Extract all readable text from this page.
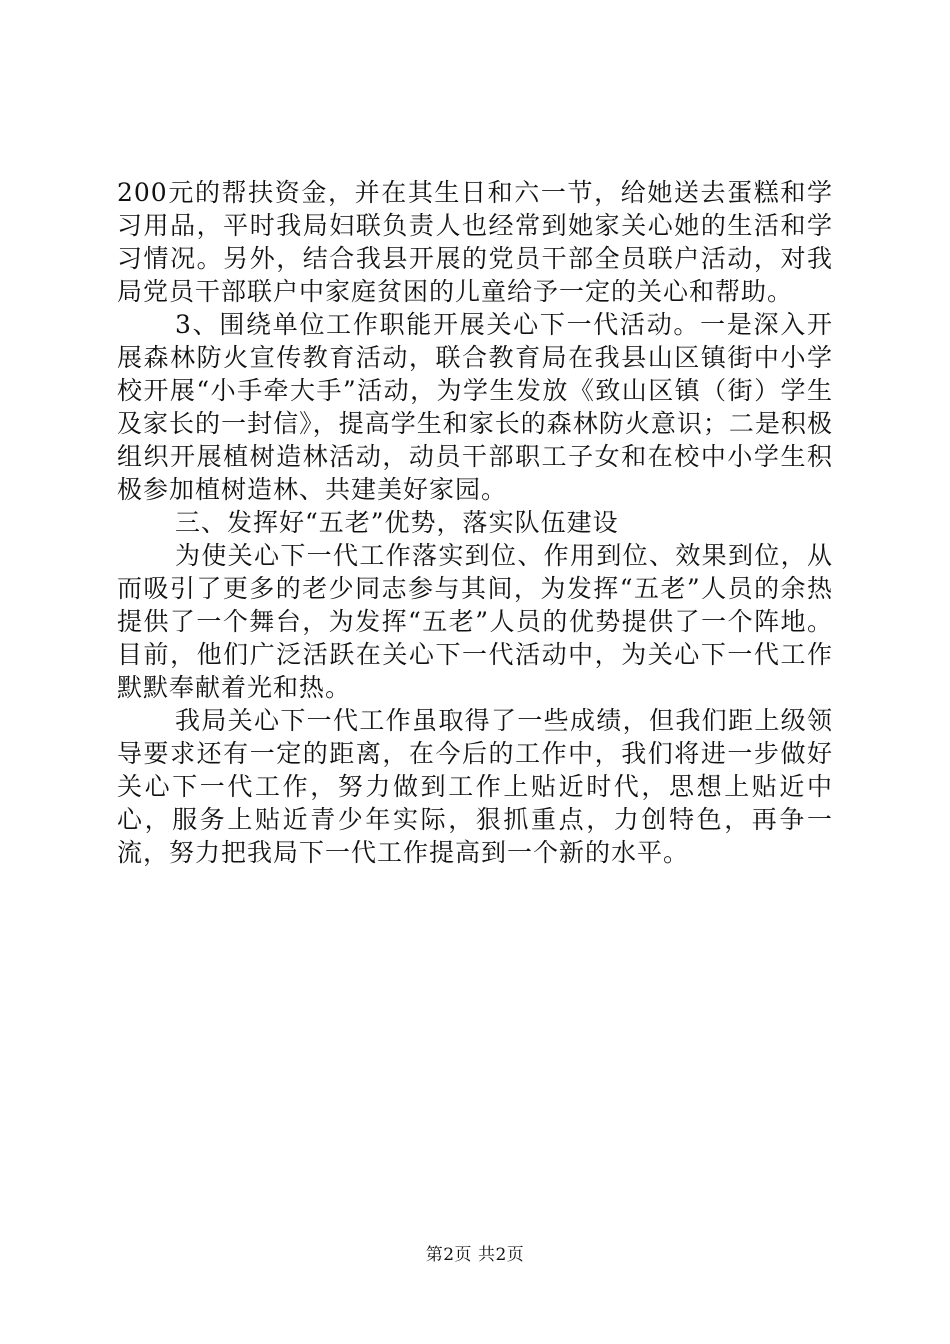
200元的帮扶资金，并在其生日和六一节，给她送去蛋糕和学习用品，平时我局妇联负责人也经常到她家关心她的生活和学习情况。另外，结合我县开展的党员干部全员联户活动，对我局党员干部联户中家庭贫困的儿童给予一定的关心和帮助。

3、围绕单位工作职能开展关心下一代活动。一是深入开展森林防火宣传教育活动，联合教育局在我县山区镇街中小学校开展“小手牵大手”活动，为学生发放《致山区镇（街）学生及家长的一封信》，提高学生和家长的森林防火意识；二是积极组织开展植树造林活动，动员干部职工子女和在校中小学生积极参加植树造林、共建美好家园。

三、发挥好“五老”优势，落实队伍建设

为使关心下一代工作落实到位、作用到位、效果到位，从而吸引了更多的老少同志参与其间，为发挥“五老”人员的余热提供了一个舞台，为发挥“五老”人员的优势提供了一个阵地。目前，他们广泛活跃在关心下一代活动中，为关心下一代工作默默奉献着光和热。

我局关心下一代工作虽取得了一些成绩，但我们距上级领导要求还有一定的距离，在今后的工作中，我们将进一步做好关心下一代工作，努力做到工作上贴近时代，思想上贴近中心，服务上贴近青少年实际，狠抓重点，力创特色，再争一流，努力把我局下一代工作提高到一个新的水平。

第2页 共2页
